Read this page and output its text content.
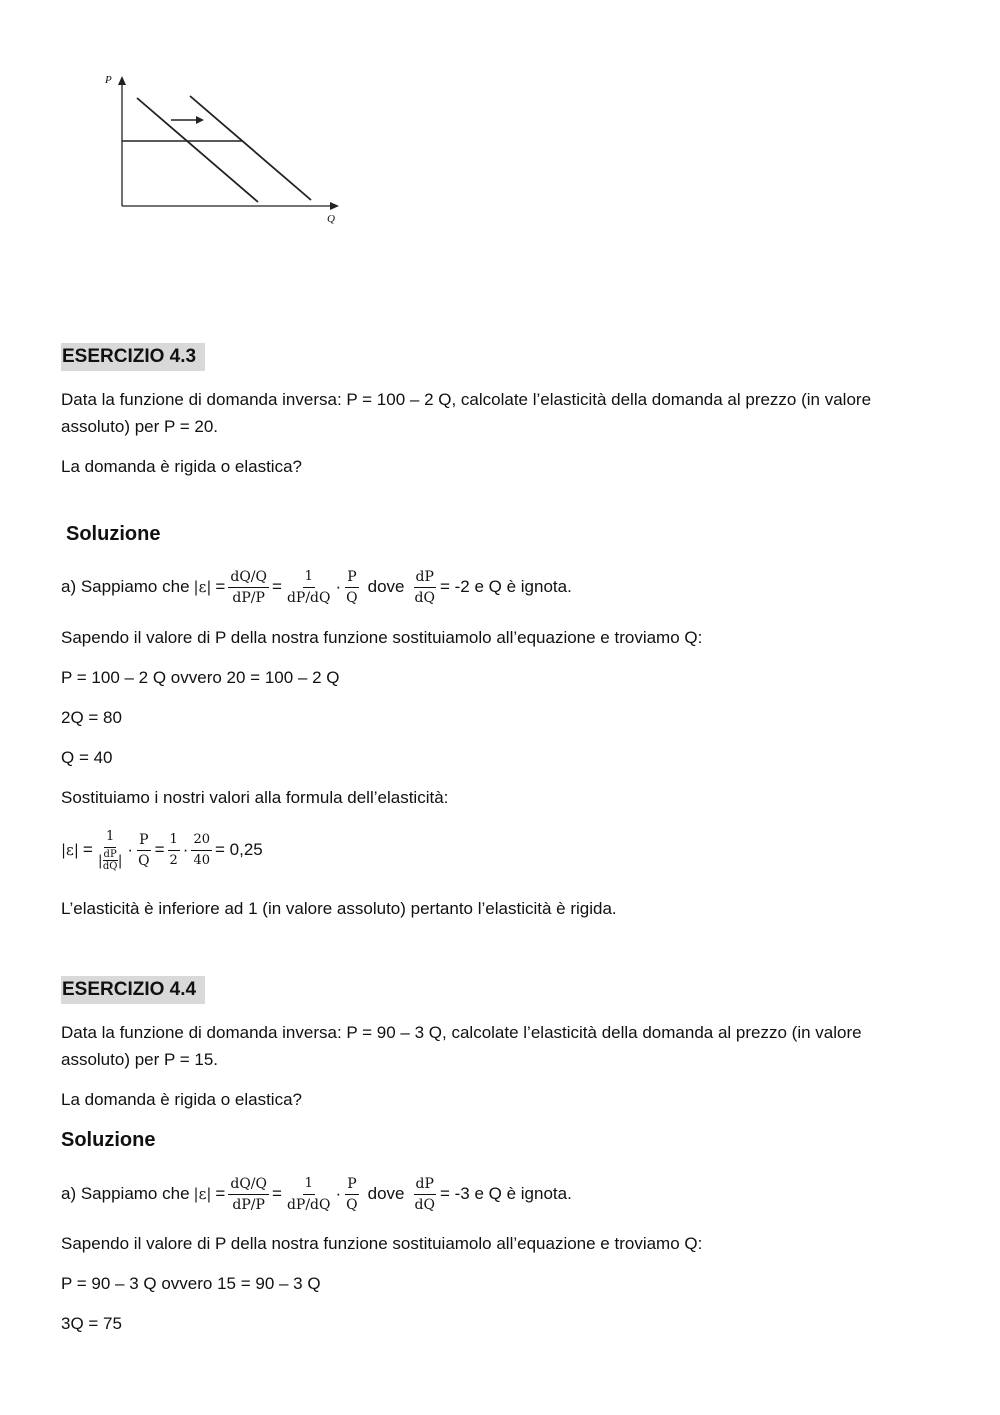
P
Q
ESERCIZIO 4.3
Data la funzione di domanda inversa: P = 100 – 2 Q, calcolate l’elasticità della domanda al prezzo (in valore
assoluto) per P = 20.
La domanda è rigida o elastica?
Soluzione
a) Sappiamo che $|\varepsilon| = \frac{dQ/Q}{dP/P} = \frac{1}{dP/dQ} \cdot \frac{P}{Q}$ dove $\frac{dP}{dQ} = -2$ e Q è ignota.
Sapendo il valore di P della nostra funzione sostituiamolo all’equazione e troviamo Q:
P = 100 – 2 Q ovvero 20 = 100 – 2 Q
2Q = 80
Q = 40
Sostituiamo i nostri valori alla formula dell’elasticità:
$|\varepsilon| = \frac{1}{| \frac{dP}{dQ} |} \cdot \frac{P}{Q} = \frac{1}{2} \cdot \frac{20}{40} = 0,25$
L’elasticità è inferiore ad 1 (in valore assoluto) pertanto l’elasticità è rigida.
ESERCIZIO 4.4
Data la funzione di domanda inversa: P = 90 – 3 Q, calcolate l’elasticità della domanda al prezzo (in valore
assoluto) per P = 15.
La domanda è rigida o elastica?
Soluzione
a) Sappiamo che $|\varepsilon| = \frac{dQ/Q}{dP/P} = \frac{1}{dP/dQ} \cdot \frac{P}{Q}$ dove $\frac{dP}{dQ} = -3$ e Q è ignota.
Sapendo il valore di P della nostra funzione sostituiamolo all’equazione e troviamo Q:
P = 90 – 3 Q ovvero 15 = 90 – 3 Q
3Q = 75
